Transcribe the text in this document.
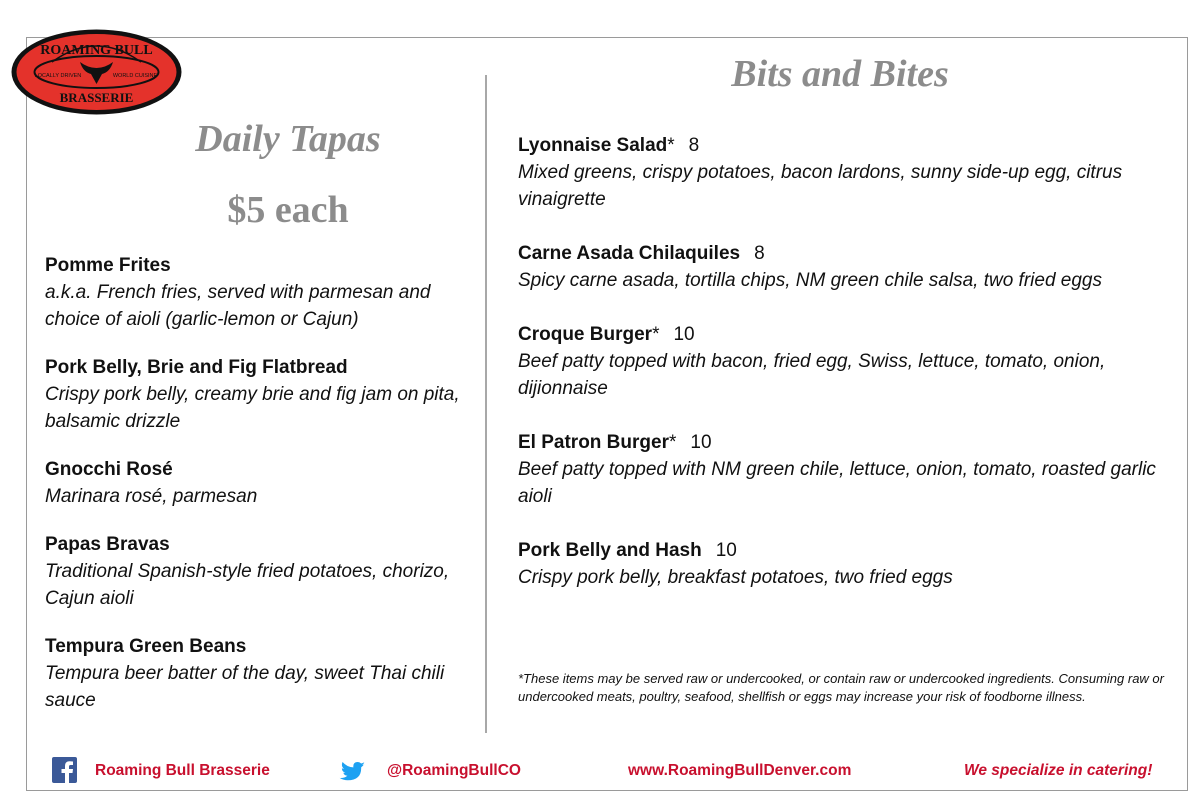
ROAMING BULL
LOCALLY DRIVEN	WORLD CUISINE
BRASSERIE
Daily Tapas
$5 each
Pomme Frites
a.k.a. French fries, served with parmesan and choice of aioli (garlic-lemon or Cajun)
Pork Belly, Brie and Fig Flatbread
Crispy pork belly, creamy brie and fig jam on pita, balsamic drizzle
Gnocchi Rosé
Marinara rosé, parmesan
Papas Bravas
Traditional Spanish-style fried potatoes, chorizo, Cajun aioli
Tempura Green Beans
Tempura beer batter of the day, sweet Thai chili sauce
Bits and Bites
Lyonnaise Salad* 8
Mixed greens, crispy potatoes, bacon lardons, sunny side-up egg, citrus vinaigrette
Carne Asada Chilaquiles 8
Spicy carne asada, tortilla chips, NM green chile salsa, two fried eggs
Croque Burger* 10
Beef patty topped with bacon, fried egg, Swiss, lettuce, tomato, onion, dijionnaise
El Patron Burger* 10
Beef patty topped with NM green chile, lettuce, onion, tomato, roasted garlic aioli
Pork Belly and Hash 10
Crispy pork belly, breakfast potatoes, two fried eggs
*These items may be served raw or undercooked, or contain raw or undercooked ingredients. Consuming raw or undercooked meats, poultry, seafood, shellfish or eggs may increase your risk of foodborne illness.
Roaming Bull Brasserie	@RoamingBullCO	www.RoamingBullDenver.com	We specialize in catering!
